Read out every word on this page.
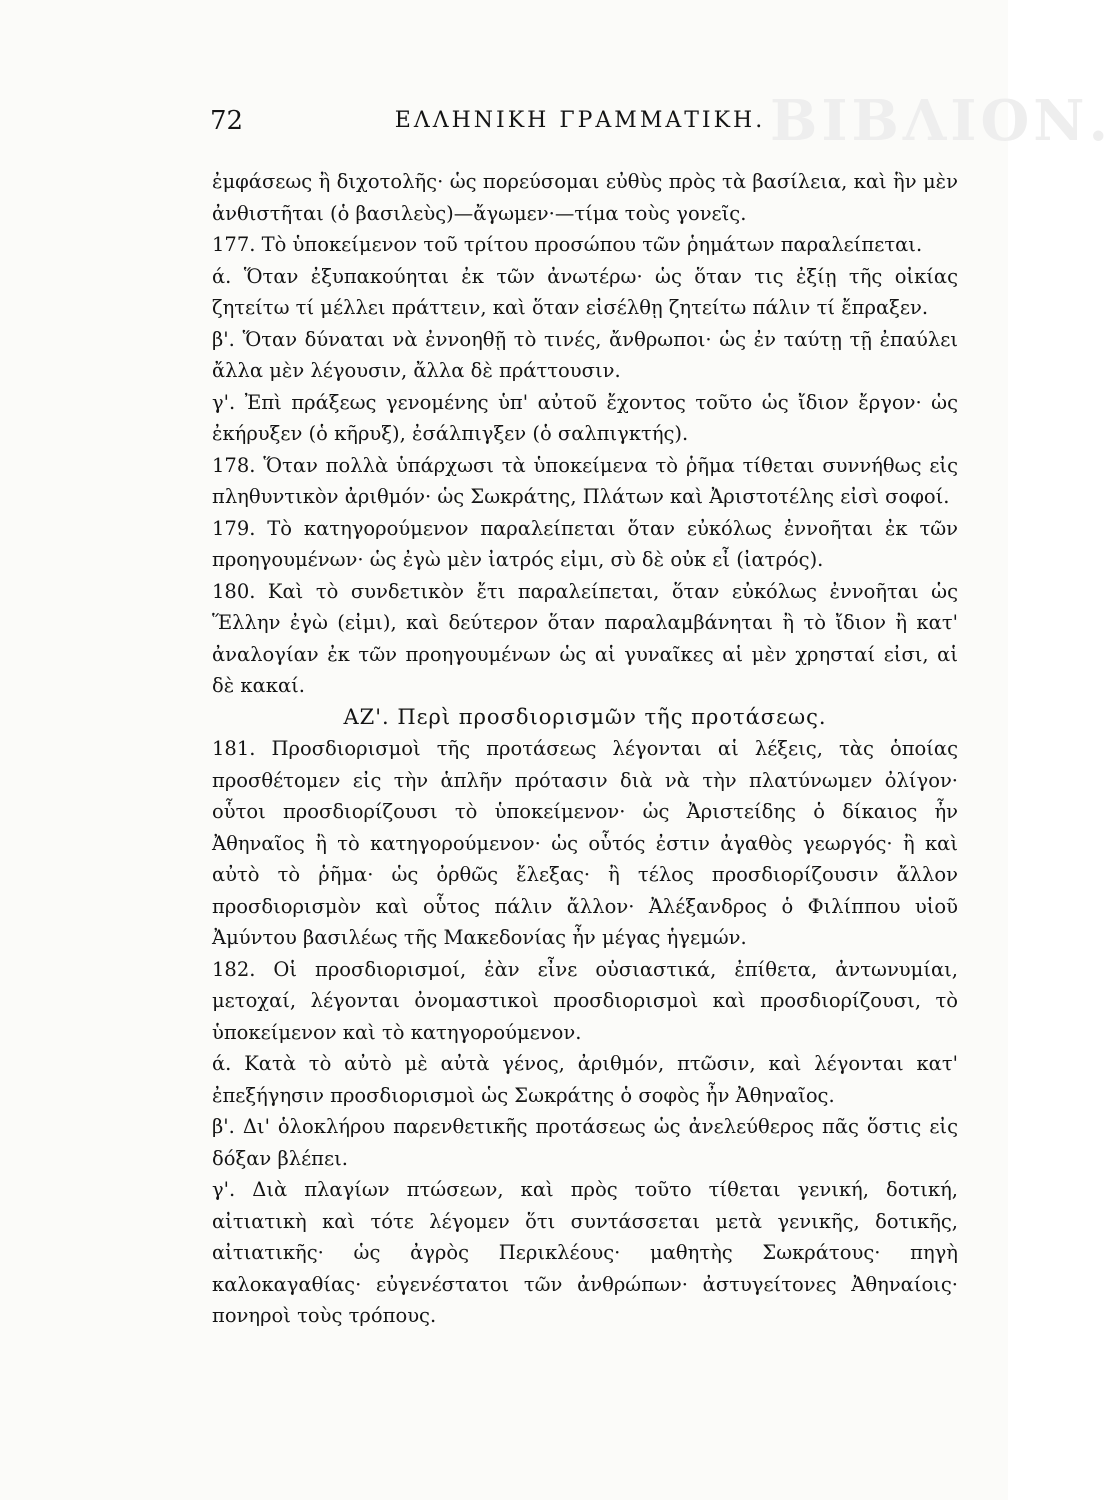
ΒΙΒΛΙΟΝ.
72	ΕΛΛΗΝΙΚΗ ΓΡΑΜΜΑΤΙΚΗ.

ἐμφάσεως ἢ διχοτολῆς· ὡς πορεύσομαι εὐθὺς πρὸς τὰ βασίλεια, καὶ ἣν μὲν ἀνθιστῆται (ὁ βασιλεὺς)—ἄγωμεν·—τίμα τοὺς γονεῖς.

177. Τὸ ὑποκείμενον τοῦ τρίτου προσώπου τῶν ῥημάτων παραλείπεται.

ά. Ὅταν ἐξυπακούηται ἐκ τῶν ἀνωτέρω· ὡς ὅταν τις ἐξίῃ τῆς οἰκίας ζητείτω τί μέλλει πράττειν, καὶ ὅταν εἰσέλθῃ ζητείτω πάλιν τί ἔπραξεν.

β'. Ὅταν δύναται νὰ ἐννοηθῇ τὸ τινές, ἄνθρωποι· ὡς ἐν ταύτῃ τῇ ἐπαύλει ἄλλα μὲν λέγουσιν, ἄλλα δὲ πράττουσιν.

γ'. Ἐπὶ πράξεως γενομένης ὑπ' αὐτοῦ ἔχοντος τοῦτο ὡς ἴδιον ἔργον· ὡς ἐκήρυξεν (ὁ κῆρυξ), ἐσάλπιγξεν (ὁ σαλπιγκτής).

178. Ὅταν πολλὰ ὑπάρχωσι τὰ ὑποκείμενα τὸ ῥῆμα τίθεται συννήθως εἰς πληθυντικὸν ἀριθμόν· ὡς Σωκράτης, Πλάτων καὶ Ἀριστοτέλης εἰσὶ σοφοί.

179. Τὸ κατηγορούμενον παραλείπεται ὅταν εὐκόλως ἐννοῆται ἐκ τῶν προηγουμένων· ὡς ἐγὼ μὲν ἰατρός εἰμι, σὺ δὲ οὐκ εἶ (ἰατρός).

180. Καὶ τὸ συνδετικὸν ἔτι παραλείπεται, ὅταν εὐκόλως ἐννοῆται ὡς Ἕλλην ἐγὼ (εἰμι), καὶ δεύτερον ὅταν παραλαμβάνηται ἢ τὸ ἴδιον ἢ κατ' ἀναλογίαν ἐκ τῶν προηγουμένων ὡς αἱ γυναῖκες αἱ μὲν χρησταί εἰσι, αἱ δὲ κακαί.

ΑΖ'. Περὶ προσδιορισμῶν τῆς προτάσεως.

181. Προσδιορισμοὶ τῆς προτάσεως λέγονται αἱ λέξεις, τὰς ὁποίας προσθέτομεν εἰς τὴν ἁπλῆν πρότασιν διὰ νὰ τὴν πλατύνωμεν ὀλίγον· οὗτοι προσδιορίζουσι τὸ ὑποκείμενον· ὡς Ἀριστείδης ὁ δίκαιος ἦν Ἀθηναῖος ἢ τὸ κατηγορούμενον· ὡς οὗτός ἐστιν ἀγαθὸς γεωργός· ἢ καὶ αὐτὸ τὸ ῥῆμα· ὡς ὀρθῶς ἔλεξας· ἢ τέλος προσδιορίζουσιν ἄλλον προσδιορισμὸν καὶ οὗτος πάλιν ἄλλον· Ἀλέξανδρος ὁ Φιλίππου υἱοῦ Ἀμύντου βασιλέως τῆς Μακεδονίας ἦν μέγας ἡγεμών.

182. Οἱ προσδιορισμοί, ἐὰν εἶνε οὐσιαστικά, ἐπίθετα, ἀντωνυμίαι, μετοχαί, λέγονται ὀνομαστικοὶ προσδιορισμοὶ καὶ προσδιορίζουσι, τὸ ὑποκείμενον καὶ τὸ κατηγορούμενον.

ά. Κατὰ τὸ αὐτὸ μὲ αὐτὰ γένος, ἀριθμόν, πτῶσιν, καὶ λέγονται κατ' ἐπεξήγησιν προσδιορισμοὶ ὡς Σωκράτης ὁ σοφὸς ἦν Ἀθηναῖος.

β'. Δι' ὁλοκλήρου παρενθετικῆς προτάσεως ὡς ἀνελεύθερος πᾶς ὅστις εἰς δόξαν βλέπει.

γ'. Διὰ πλαγίων πτώσεων, καὶ πρὸς τοῦτο τίθεται γενική, δοτική, αἰτιατικὴ καὶ τότε λέγομεν ὅτι συντάσσεται μετὰ γενικῆς, δοτικῆς, αἰτιατικῆς· ὡς ἀγρὸς Περικλέους· μαθητὴς Σωκράτους· πηγὴ καλοκαγαθίας· εὐγενέστατοι τῶν ἀνθρώπων· ἀστυγείτονες Ἀθηναίοις· πονηροὶ τοὺς τρόπους.
